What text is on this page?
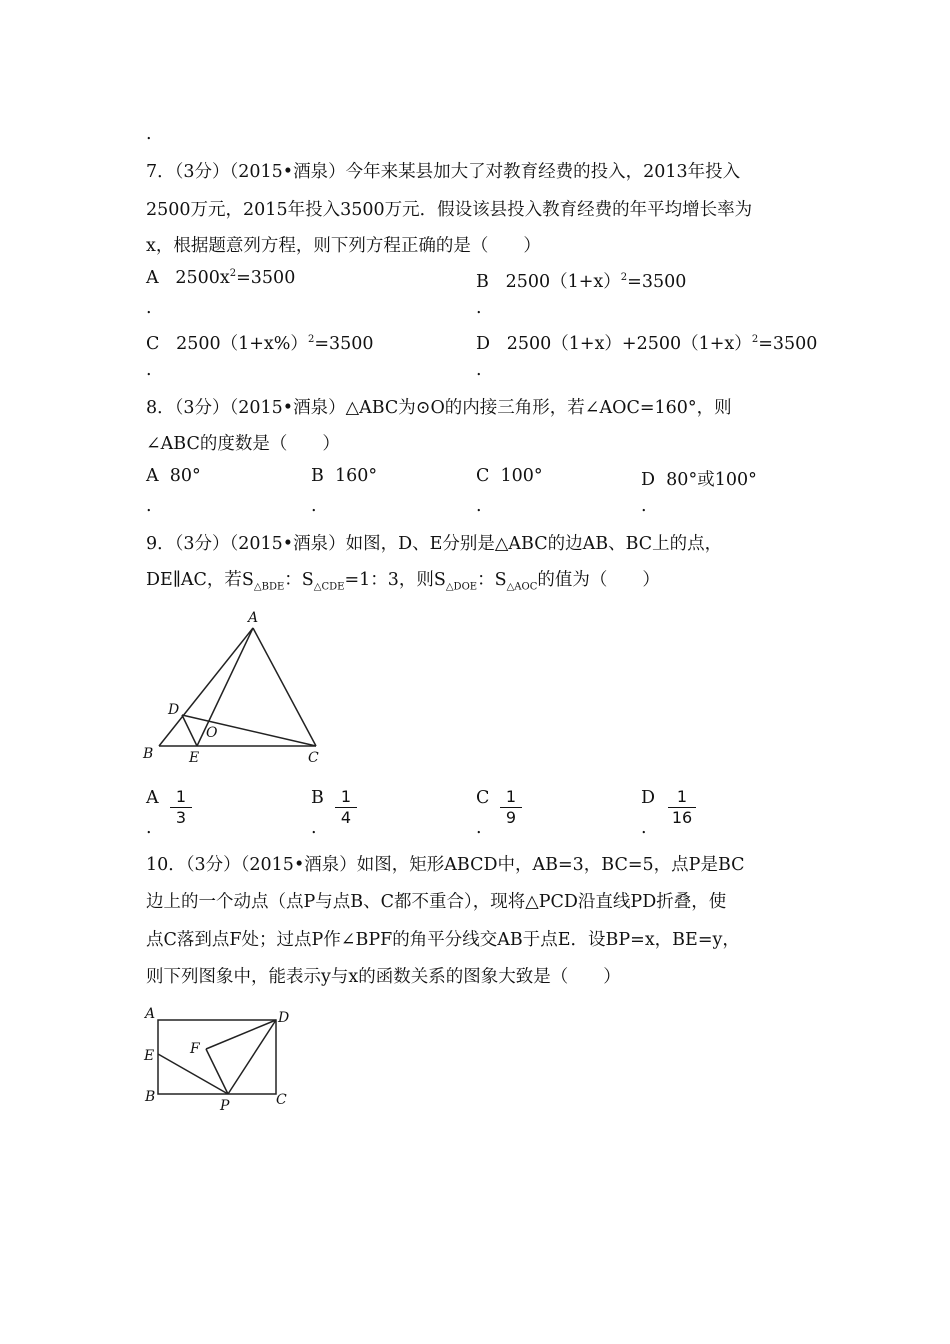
.
7．（3分）（2015•酒泉）今年来某县加大了对教育经费的投入，2013年投入
2500万元，2015年投入3500万元．假设该县投入教育经费的年平均增长率为
x，根据题意列方程，则下列方程正确的是（　　）
A $2500x^2=3500$
.
B $2500(1+x)^2=3500$
.
C $2500(1+x\%)^2=3500$
.
D $2500(1+x)+2500(1+x)^2=3500$
.
8．（3分）（2015•酒泉）△ABC为⊙O的内接三角形，若∠AOC=160°，则
∠ABC的度数是（　　）
A 80°
.
B 160°
.
C 100°
.
D 80°或100°
.
9．（3分）（2015•酒泉）如图，D、E分别是△ABC的边AB、BC上的点，
DE∥AC，若$S_{\triangle BDE}$：$S_{\triangle CDE}=1$：3，则$S_{\triangle DOE}$：$S_{\triangle AOC}$的值为（　　）
A
B	C
D
E
O
A	1
3
.
B	1
4
.
C	1
9
.
D	1
16
.
10．（3分）（2015•酒泉）如图，矩形ABCD中，AB=3，BC=5，点P是BC
边上的一个动点（点P与点B、C都不重合），现将△PCD沿直线PD折叠，使
点C落到点F处；过点P作∠BPF的角平分线交AB于点E．设BP=x，BE=y，
则下列图象中，能表示y与x的函数关系的图象大致是（　　）
A
E
B
F
P
D
C
